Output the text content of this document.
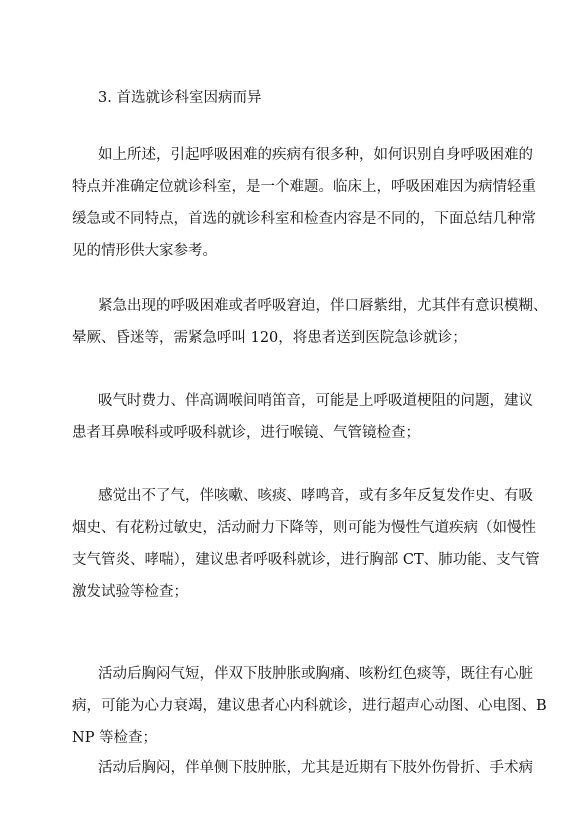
3. 首选就诊科室因病而异
如上所述，引起呼吸困难的疾病有很多种，如何识别自身呼吸困难的
特点并准确定位就诊科室，是一个难题。临床上，呼吸困难因为病情轻重
缓急或不同特点，首选的就诊科室和检查内容是不同的，下面总结几种常
见的情形供大家参考。
紧急出现的呼吸困难或者呼吸窘迫，伴口唇紫绀，尤其伴有意识模糊、
晕厥、昏迷等，需紧急呼叫 120，将患者送到医院急诊就诊；
吸气时费力、伴高调喉间哨笛音，可能是上呼吸道梗阻的问题，建议
患者耳鼻喉科或呼吸科就诊，进行喉镜、气管镜检查；
感觉出不了气，伴咳嗽、咳痰、哮鸣音，或有多年反复发作史、有吸
烟史、有花粉过敏史，活动耐力下降等，则可能为慢性气道疾病（如慢性
支气管炎、哮喘），建议患者呼吸科就诊，进行胸部 CT、肺功能、支气管
激发试验等检查；
活动后胸闷气短，伴双下肢肿胀或胸痛、咳粉红色痰等，既往有心脏
病，可能为心力衰竭，建议患者心内科就诊，进行超声心动图、心电图、B
NP 等检查；
活动后胸闷，伴单侧下肢肿胀，尤其是近期有下肢外伤骨折、手术病
